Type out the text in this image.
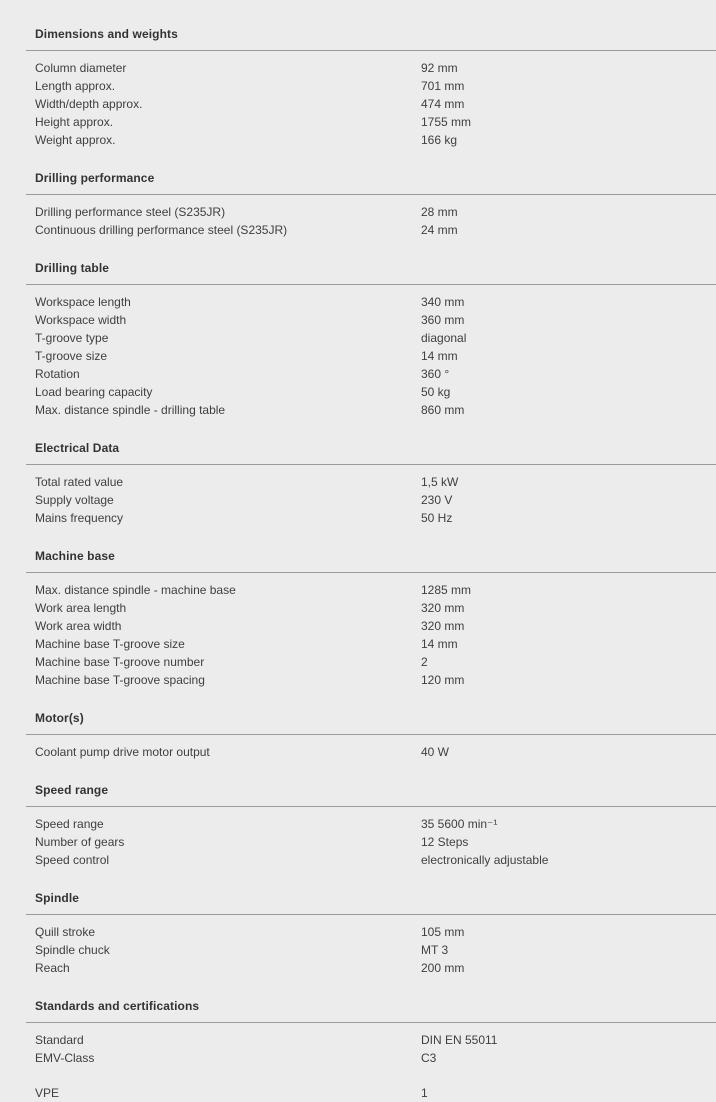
Dimensions and weights
Column diameter	92 mm
Length approx.	701 mm
Width/depth approx.	474 mm
Height approx.	1755 mm
Weight approx.	166 kg
Drilling performance
Drilling performance steel (S235JR)	28 mm
Continuous drilling performance steel (S235JR)	24 mm
Drilling table
Workspace length	340 mm
Workspace width	360 mm
T-groove type	diagonal
T-groove size	14 mm
Rotation	360 °
Load bearing capacity	50 kg
Max. distance spindle - drilling table	860 mm
Electrical Data
Total rated value	1,5 kW
Supply voltage	230 V
Mains frequency	50 Hz
Machine base
Max. distance spindle - machine base	1285 mm
Work area length	320 mm
Work area width	320 mm
Machine base T-groove size	14 mm
Machine base T-groove number	2
Machine base T-groove spacing	120 mm
Motor(s)
Coolant pump drive motor output	40 W
Speed range
Speed range	35 5600 min⁻¹
Number of gears	12 Steps
Speed control	electronically adjustable
Spindle
Quill stroke	105 mm
Spindle chuck	MT 3
Reach	200 mm
Standards and certifications
Standard	DIN EN 55011
EMV-Class	C3
VPE	1
